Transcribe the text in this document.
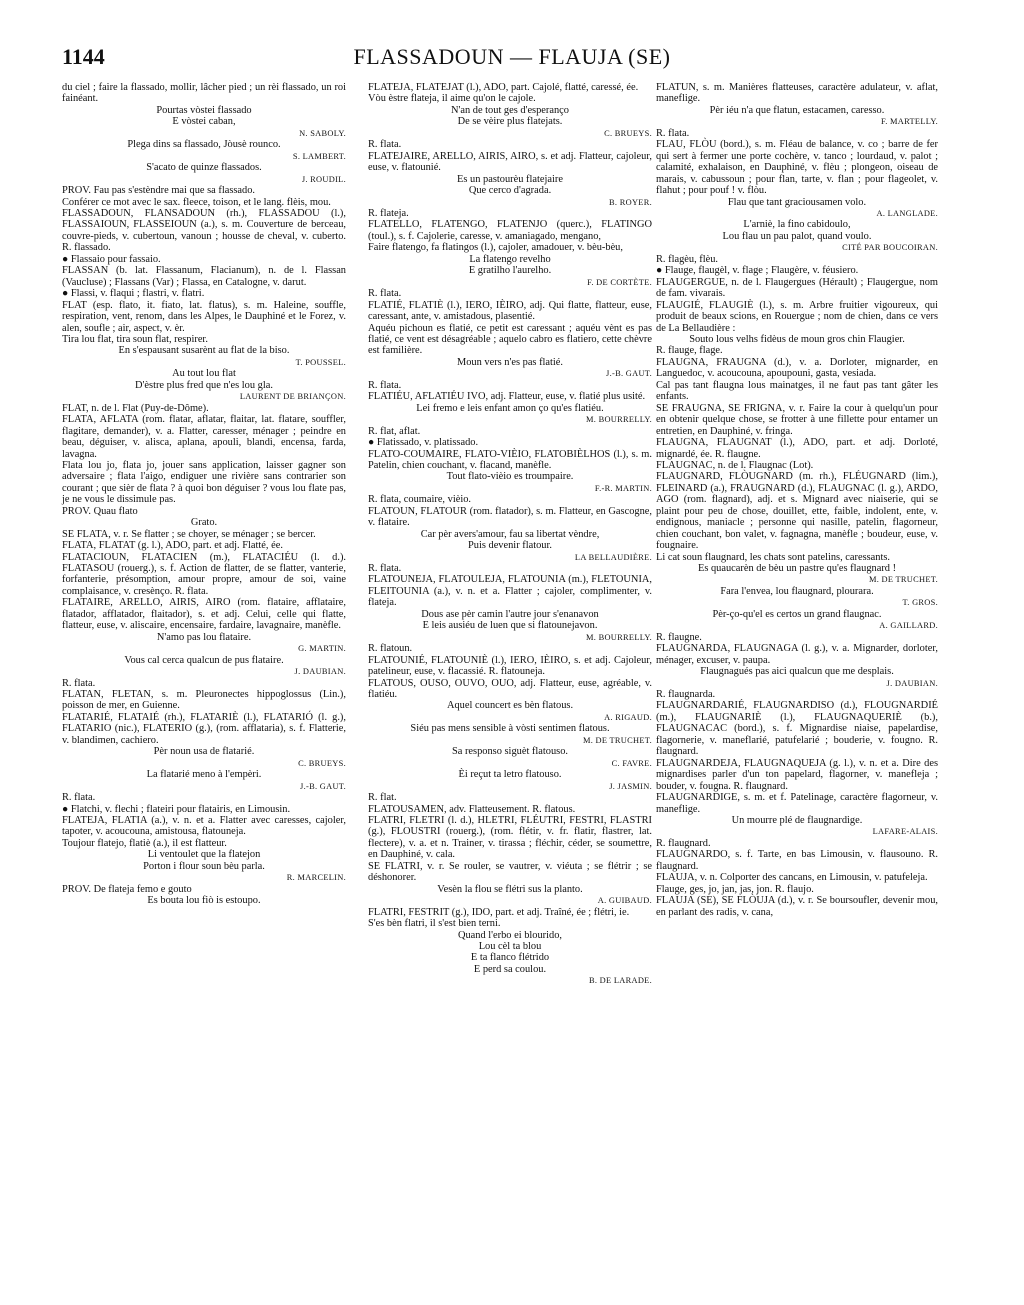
1144	FLASSADOUN — FLAUJA (SE)

du ciel ; faire la flassado, mollir, lâcher pied ; un rèi flassado, un roi fainéant.

Pourtas vòstei flassado

E vòstei caban,

N. SABOLY.

Plega dins sa flassado, Jòusè rounco.

S. LAMBERT.

S'acato de quinze flassados.

J. ROUDIL.

PROV. Fau pas s'estèndre mai que sa flassado.

Conférer ce mot avec le sax. fleece, toison, et le lang. flèis, mou.

FLASSADOUN, FLANSADOUN (rh.), FLASSADOU (l.), FLASSAIOUN, FLASSEIOUN (a.), s. m. Couverture de berceau, couvre-pieds, v. cubertoun, vanoun ; housse de cheval, v. cuberto. R. flassado.

● Flassaio pour fassaio.

FLASSAN (b. lat. Flassanum, Flacianum), n. de l. Flassan (Vaucluse) ; Flassans (Var) ; Flassa, en Catalogne, v. darut.

● Flassi, v. flaqui ; flastri, v. flatri.

FLAT (esp. flato, it. fiato, lat. flatus), s. m. Haleine, souffle, respiration, vent, renom, dans les Alpes, le Dauphiné et le Forez, v. alen, soufle ; air, aspect, v. èr.

Tira lou flat, tira soun flat, respirer.

En s'espausant susarènt au flat de la biso.

T. POUSSEL.

Au tout lou flat

D'èstre plus fred que n'es lou gla.

LAURENT DE BRIANÇON.

FLAT, n. de l. Flat (Puy-de-Dôme).

FLATA, AFLATA (rom. flatar, aflatar, flaitar, lat. flatare, souffler, flagitare, demander), v. a. Flatter, caresser, ménager ; peindre en beau, déguiser, v. alisca, aplana, apouli, blandi, encensa, farda, lavagna.

Flata lou jo, flata jo, jouer sans application, laisser gagner son adversaire ; flata l'aigo, endiguer une rivière sans contrarier son courant ; que sièr de flata ? à quoi bon déguiser ? vous lou flate pas, je ne vous le dissimule pas.

PROV. Quau flato

Grato.

SE FLATA, v. r. Se flatter ; se choyer, se ménager ; se bercer.

FLATA, FLATAT (g. l.), ADO, part. et adj. Flatté, ée.

FLATACIOUN, FLATACIEN (m.), FLATACIÉU (l. d.). FLATASOU (rouerg.), s. f. Action de flatter, de se flatter, vanterie, forfanterie, présomption, amour propre, amour de soi, vaine complaisance, v. cresènço. R. flata.

FLATAIRE, ARELLO, AIRIS, AIRO (rom. flataire, afflataire, flatador, afflatador, flaitador), s. et adj. Celui, celle qui flatte, flatteur, euse, v. aliscaire, encensaire, fardaire, lavagnaire, manèfle.

N'amo pas lou flataire.

G. MARTIN.

Vous cal cerca qualcun de pus flataire.

J. DAUBIAN.

R. flata.

FLATAN, FLETAN, s. m. Pleuronectes hippoglossus (Lin.), poisson de mer, en Guienne.

FLATARIÉ, FLATAIÉ (rh.), FLATARIÈ (l.), FLATARIÓ (l. g.), FLATARIO (nic.), FLATERIO (g.), (rom. afflataria), s. f. Flatterie, v. blandimen, cachiero.

Pèr noun usa de flatarié.

C. BRUEYS.

La flatarié meno à l'empèri.

J.-B. GAUT.

R. flata.

● Flatchi, v. flechi ; flateiri pour flatairis, en Limousin.

FLATEJA, FLATIA (a.), v. n. et a. Flatter avec caresses, cajoler, tapoter, v. acoucouna, amistousa, flatouneja.

Toujour flatejo, flatiè (a.), il est flatteur.

Li ventoulet que la flatejon

Porton i flour soun bèu parla.

R. MARCELIN.

PROV. De flateja femo e gouto

Es bouta lou fiò is estoupo.

FLATEJA, FLATEJAT (l.), ADO, part. Cajolé, flatté, caressé, ée.

Vòu èstre flateja, il aime qu'on le cajole.

N'an de tout ges d'esperanço

De se vèire plus flatejats.

C. BRUEYS.

R. flata.

FLATEJAIRE, ARELLO, AIRIS, AIRO, s. et adj. Flatteur, cajoleur, euse, v. flatounié.

Es un pastourèu flatejaire

Que cerco d'agrada.

B. ROYER.

R. flateja.

FLATELLO, FLATENGO, FLATENJO (querc.), FLATINGO (toul.), s. f. Cajolerie, caresse, v. amaniagado, mengano,

Faire flatengo, fa flatingos (l.), cajoler, amadouer, v. bèu-bèu,

La flatengo revelho

E gratilho l'aurelho.

F. DE CORTÈTE.

R. flata.

FLATIÉ, FLATIÈ (l.), IERO, IÈIRO, adj. Qui flatte, flatteur, euse, caressant, ante, v. amistadous, plasentié.

Aquéu pichoun es flatié, ce petit est caressant ; aquéu vènt es pas flatié, ce vent est désagréable ; aquelo cabro es flatiero, cette chèvre est familière.

Moun vers n'es pas flatié.

J.-B. GAUT.

R. flata.

FLATIÉU, AFLATIÉU IVO, adj. Flatteur, euse, v. flatié plus usité.

Lei fremo e leis enfant amon ço qu'es flatiéu.

M. BOURRELLY.

R. flat, aflat.

● Flatissado, v. platissado.

FLATO-COUMAIRE, FLATO-VIÈIO, FLATOBIÈLHOS (l.), s. m. Patelin, chien couchant, v. flacand, manèfle.

Tout flato-vièio es troumpaire.

F.-R. MARTIN.

R. flata, coumaire, vièio.

FLATOUN, FLATOUR (rom. flatador), s. m. Flatteur, en Gascogne, v. flataire.

Car pèr avers'amour, fau sa libertat vèndre,

Puis devenir flatour.

LA BELLAUDIÈRE.

R. flata.

FLATOUNEJA, FLATOULEJA, FLATOUNIA (m.), FLETOUNIA, FLEITOUNIA (a.), v. n. et a. Flatter ; cajoler, complimenter, v. flateja.

Dous ase pèr camin l'autre jour s'enanavon

E leis ausiéu de luen que si flatounejavon.

M. BOURRELLY.

R. flatoun.

FLATOUNIÉ, FLATOUNIÈ (l.), IERO, IÈIRO, s. et adj. Cajoleur, patelineur, euse, v. flacassié. R. flatouneja.

FLATOUS, OUSO, OUVO, OUO, adj. Flatteur, euse, agréable, v. flatiéu.

Aquel councert es bèn flatous.

A. RIGAUD.

Siéu pas mens sensible à vòsti sentimen flatous.

M. DE TRUCHET.

Sa responso siguèt flatouso.

C. FAVRE.

Èi reçut ta letro flatouso.

J. JASMIN.

R. flat.

FLATOUSAMEN, adv. Flatteusement. R. flatous.

FLATRI, FLETRI (l. d.), HLETRI, FLÉUTRI, FESTRI, FLASTRI (g.), FLOUSTRI (rouerg.), (rom. flétir, v. fr. flatir, flastrer, lat. flectere), v. a. et n. Trainer, v. tirassa ; fléchir, céder, se soumettre, en Dauphiné, v. cala.

SE FLATRI, v. r. Se rouler, se vautrer, v. viéuta ; se flétrir ; se déshonorer.

Vesèn la flou se flétri sus la planto.

A. GUIBAUD.

FLATRI, FESTRIT (g.), IDO, part. et adj. Traîné, ée ; flétri, ie.

S'es bèn flatri, il s'est bien terni.

Quand l'erbo ei blourido,

Lou cèl ta blou

E ta flanco flétrido

E perd sa coulou.

B. DE LARADE.

FLATUN, s. m. Manières flatteuses, caractère adulateur, v. aflat, maneflige.

Pèr iéu n'a que flatun, estacamen, caresso.

F. MARTELLY.

R. flata.

FLAU, FLÒU (bord.), s. m. Fléau de balance, v. co ; barre de fer qui sert à fermer une porte cochère, v. tanco ; lourdaud, v. palot ; calamité, exhalaison, en Dauphiné, v. flèu ; plongeon, oiseau de marais, v. cabussoun ; pour flan, tarte, v. flan ; pour flageolet, v. flahut ; pour pouf ! v. flòu.

Flau que tant graciousamen volo.

A. LANGLADE.

L'arniè, la fino cabidoulo,

Lou flau un pau palot, quand voulo.

CITÉ PAR BOUCOIRAN.

R. flagèu, flèu.

● Flauge, flaugèl, v. flage ; Flaugère, v. féusiero.

FLAUGERGUE, n. de l. Flaugergues (Hérault) ; Flaugergue, nom de fam. vivarais.

FLAUGIÉ, FLAUGIÈ (l.), s. m. Arbre fruitier vigoureux, qui produit de beaux scions, en Rouergue ; nom de chien, dans ce vers de La Bellaudière :

Souto lous velhs fidèus de moun gros chin Flaugier.

R. flauge, flage.

FLAUGNA, FRAUGNA (d.), v. a. Dorloter, mignarder, en Languedoc, v. acoucouna, apoupouni, gasta, vesiada.

Cal pas tant flaugna lous mainatges, il ne faut pas tant gâter les enfants.

SE FRAUGNA, SE FRIGNA, v. r. Faire la cour à quelqu'un pour en obtenir quelque chose, se frotter à une fillette pour entamer un entretien, en Dauphiné, v. fringa.

FLAUGNA, FLAUGNAT (l.), ADO, part. et adj. Dorloté, mignardé, ée. R. flaugne.

FLAUGNAC, n. de l. Flaugnac (Lot).

FLAUGNARD, FLÒUGNARD (m. rh.), FLÉUGNARD (lim.), FLEINARD (a.), FRAUGNARD (d.), FLAUGNAC (l. g.), ARDO, AGO (rom. flagnard), adj. et s. Mignard avec niaiserie, qui se plaint pour peu de chose, douillet, ette, faible, indolent, ente, v. endignous, maniacle ; personne qui nasille, patelin, flagorneur, chien couchant, bon valet, v. fagnagna, manèfle ; boudeur, euse, v. fougnaire.

Li cat soun flaugnard, les chats sont patelins, caressants.

Es quaucarèn de bèu un pastre qu'es flaugnard !

M. DE TRUCHET.

Fara l'envea, lou flaugnard, plourara.

T. GROS.

Pèr-ço-qu'el es certos un grand flaugnac.

A. GAILLARD.

R. flaugne.

FLAUGNARDA, FLAUGNAGA (l. g.), v. a. Mignarder, dorloter, ménager, excuser, v. paupa.

Flaugnagués pas aici qualcun que me desplais.

J. DAUBIAN.

R. flaugnarda.

FLAUGNARDARIÉ, FLAUGNARDISO (d.), FLOUGNARDIÉ (m.), FLAUGNARIÈ (l.), FLAUGNAQUERIÈ (b.), FLAUGNACAC (bord.), s. f. Mignardise niaise, papelardise, flagornerie, v. maneflarié, patufelarié ; bouderie, v. fougno. R. flaugnard.

FLAUGNARDEJA, FLAUGNAQUEJA (g. l.), v. n. et a. Dire des mignardises parler d'un ton papelard, flagorner, v. manefleja ; bouder, v. fougna. R. flaugnard.

FLAUGNARDIGE, s. m. et f. Patelinage, caractère flagorneur, v. maneflige.

Un mourre plé de flaugnardige.

LAFARE-ALAIS.

R. flaugnard.

FLAUGNARDO, s. f. Tarte, en bas Limousin, v. flausouno. R. flaugnard.

FLAUJA, v. n. Colporter des cancans, en Limousin, v. patufeleja.

Flauge, ges, jo, jan, jas, jon. R. flaujo.

FLAUJA (SE), SE FLÒUJA (d.), v. r. Se boursoufler, devenir mou, en parlant des radis, v. cana,
